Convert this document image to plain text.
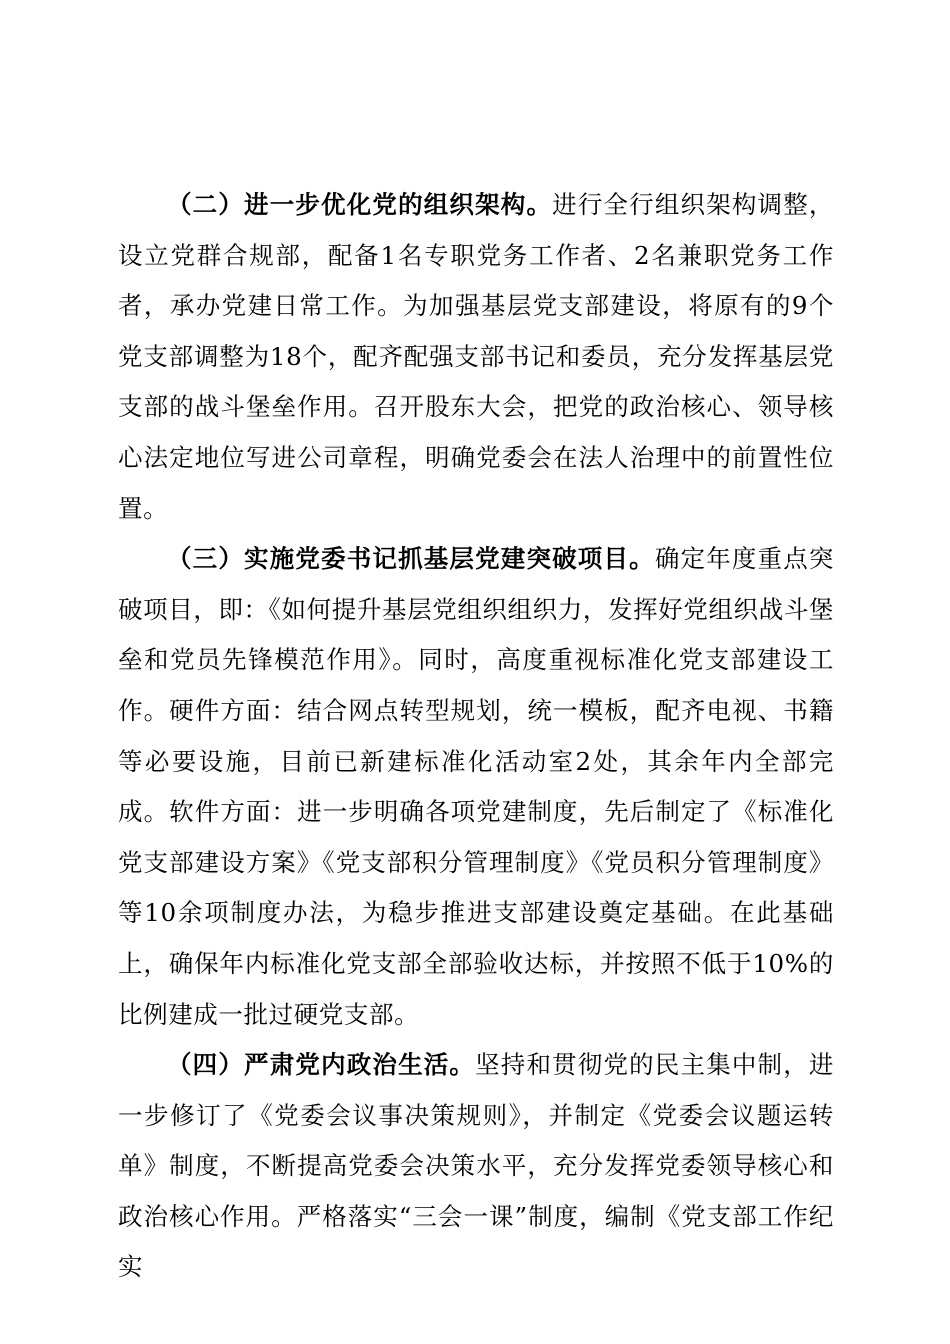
（二）进一步优化党的组织架构。进行全行组织架构调整，设立党群合规部，配备1名专职党务工作者、2名兼职党务工作者，承办党建日常工作。为加强基层党支部建设，将原有的9个党支部调整为18个，配齐配强支部书记和委员，充分发挥基层党支部的战斗堡垒作用。召开股东大会，把党的政治核心、领导核心法定地位写进公司章程，明确党委会在法人治理中的前置性位置。

（三）实施党委书记抓基层党建突破项目。确定年度重点突破项目，即：《如何提升基层党组织组织力，发挥好党组织战斗堡垒和党员先锋模范作用》。同时，高度重视标准化党支部建设工作。硬件方面：结合网点转型规划，统一模板，配齐电视、书籍等必要设施，目前已新建标准化活动室2处，其余年内全部完成。软件方面：进一步明确各项党建制度，先后制定了《标准化党支部建设方案》《党支部积分管理制度》《党员积分管理制度》等10余项制度办法，为稳步推进支部建设奠定基础。在此基础上，确保年内标准化党支部全部验收达标，并按照不低于10%的比例建成一批过硬党支部。

（四）严肃党内政治生活。坚持和贯彻党的民主集中制，进一步修订了《党委会议事决策规则》，并制定《党委会议题运转单》制度，不断提高党委会决策水平，充分发挥党委领导核心和政治核心作用。严格落实“三会一课”制度，编制《党支部工作纪实
